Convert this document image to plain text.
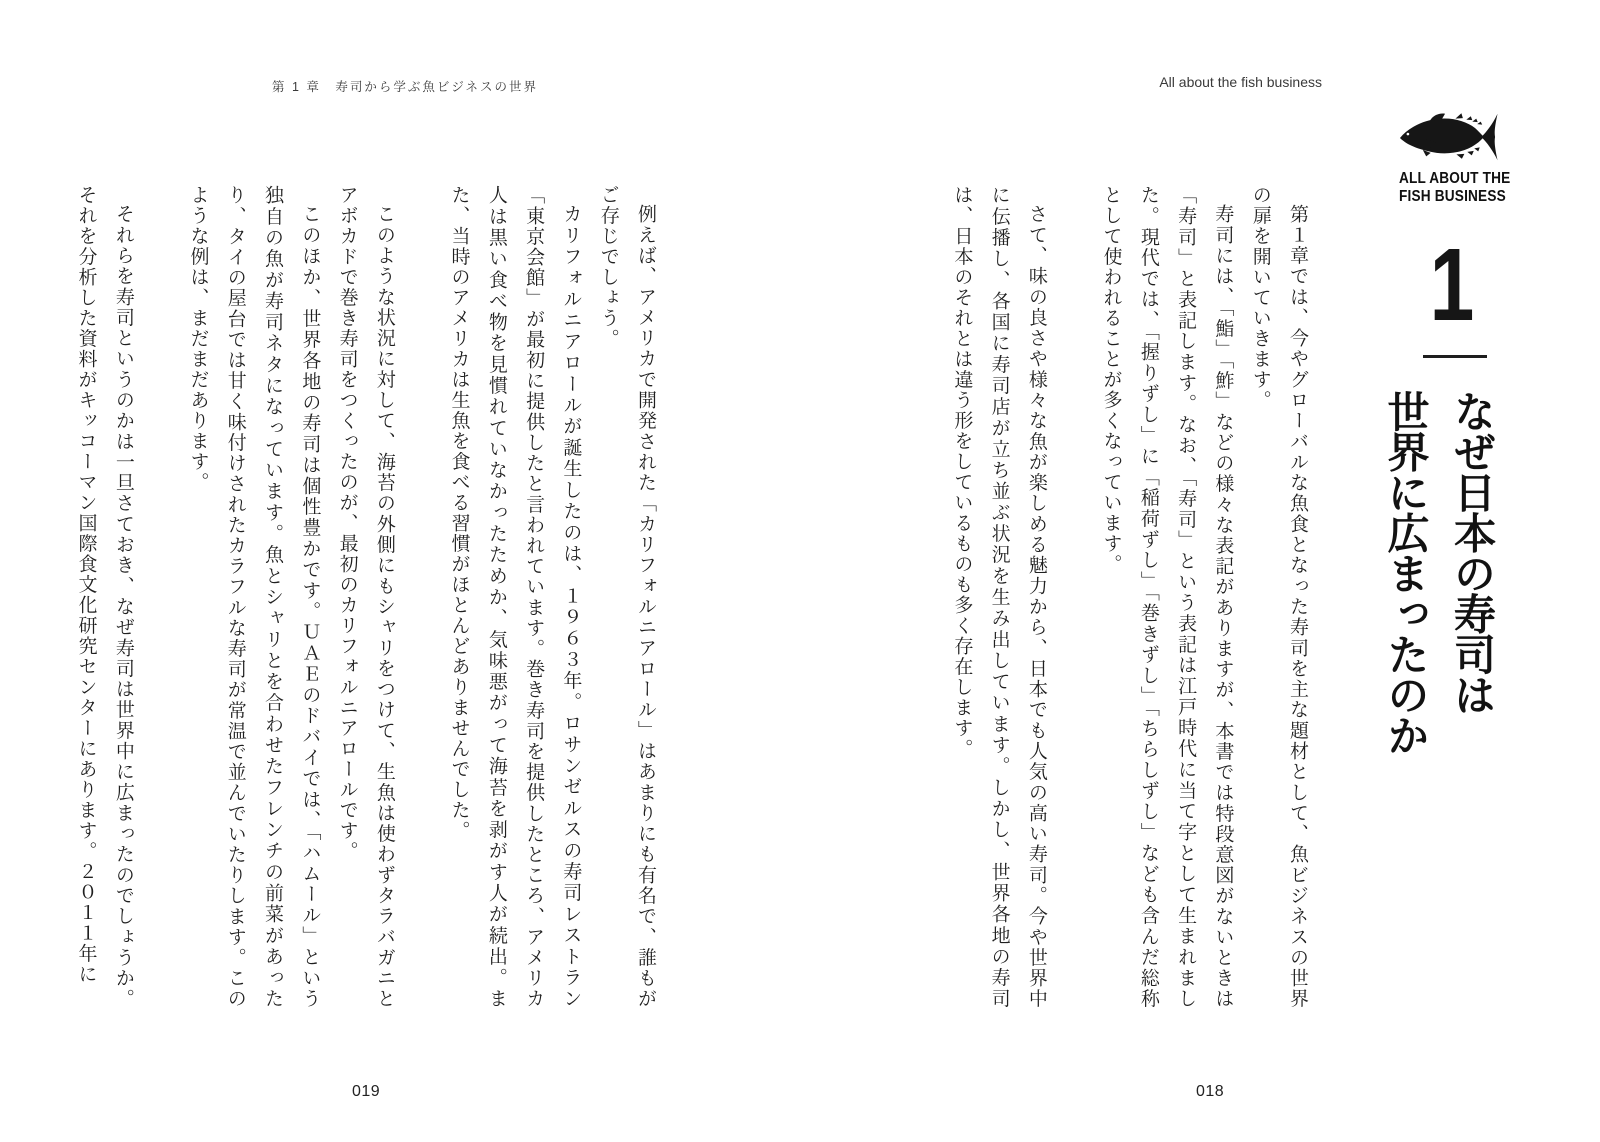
第 1 章　寿司から学ぶ魚ビジネスの世界

例えば、アメリカで開発された「カリフォルニアロール」はあまりにも有名で、誰もがご存じでしょう。

カリフォルニアロールが誕生したのは、１９６３年。ロサンゼルスの寿司レストラン「東京会館」が最初に提供したと言われています。巻き寿司を提供したところ、アメリカ人は黒い食べ物を見慣れていなかったためか、気味悪がって海苔を剥がす人が続出。また、当時のアメリカは生魚を食べる習慣がほとんどありませんでした。

このような状況に対して、海苔の外側にもシャリをつけて、生魚は使わずタラバガニとアボカドで巻き寿司をつくったのが、最初のカリフォルニアロールです。

このほか、世界各地の寿司は個性豊かです。ＵＡＥのドバイでは、「ハムール」という独自の魚が寿司ネタになっています。魚とシャリとを合わせたフレンチの前菜があったり、タイの屋台では甘く味付けされたカラフルな寿司が常温で並んでいたりします。このような例は、まだまだあります。

それらを寿司というのかは一旦さておき、なぜ寿司は世界中に広まったのでしょうか。それを分析した資料がキッコーマン国際食文化研究センターにあります。２０１１年に

019
All about the fish business
ALL ABOUT THE
FISH BUSINESS
1
なぜ日本の寿司は
世界に広まったのか

第１章では、今やグローバルな魚食となった寿司を主な題材として、魚ビジネスの世界の扉を開いていきます。

寿司には、「鮨」「鮓」などの様々な表記がありますが、本書では特段意図がないときは「寿司」と表記します。なお、「寿司」という表記は江戸時代に当て字として生まれました。現代では、「握りずし」に「稲荷ずし」「巻きずし」「ちらしずし」なども含んだ総称として使われることが多くなっています。

さて、味の良さや様々な魚が楽しめる魅力から、日本でも人気の高い寿司。今や世界中に伝播し、各国に寿司店が立ち並ぶ状況を生み出しています。しかし、世界各地の寿司は、日本のそれとは違う形をしているものも多く存在します。

018
